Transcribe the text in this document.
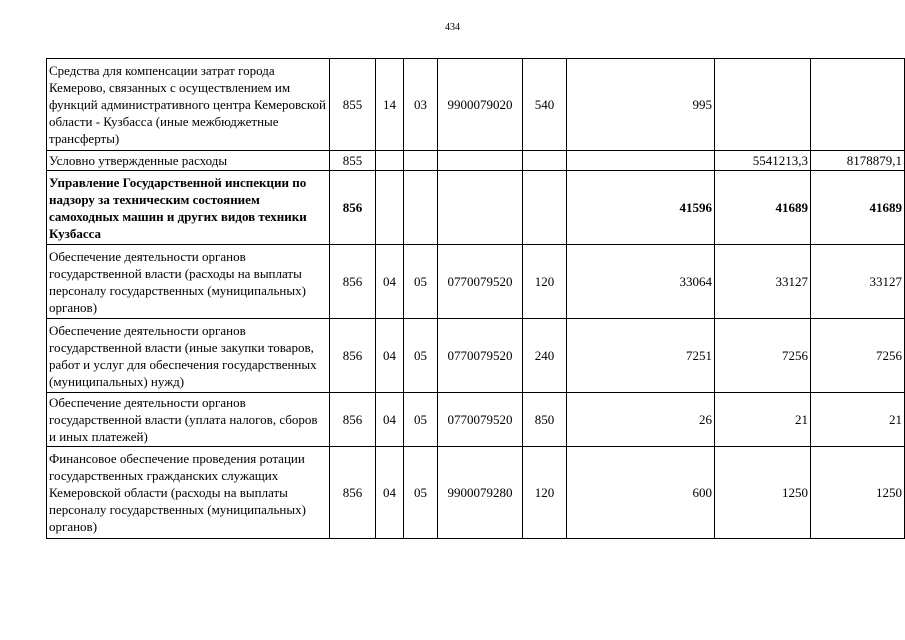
434
Средства для компенсации затрат города Кемерово, связанных с осуществлением им функций административного центра Кемеровской области - Кузбасса (иные межбюджетные трансферты)	855	14	03	9900079020	540	995		
Условно утвержденные расходы	855						5541213,3	8178879,1
Управление Государственной инспекции по надзору за техническим состоянием самоходных машин и других видов техники Кузбасса	856					41596	41689	41689
Обеспечение деятельности органов государственной власти (расходы на выплаты персоналу государственных (муниципальных) органов)	856	04	05	0770079520	120	33064	33127	33127
Обеспечение деятельности органов государственной власти (иные закупки товаров, работ и услуг для обеспечения государственных (муниципальных) нужд)	856	04	05	0770079520	240	7251	7256	7256
Обеспечение деятельности органов государственной власти (уплата налогов, сборов и иных платежей)	856	04	05	0770079520	850	26	21	21
Финансовое обеспечение проведения ротации государственных гражданских служащих Кемеровской области (расходы на выплаты персоналу государственных (муниципальных) органов)	856	04	05	9900079280	120	600	1250	1250
